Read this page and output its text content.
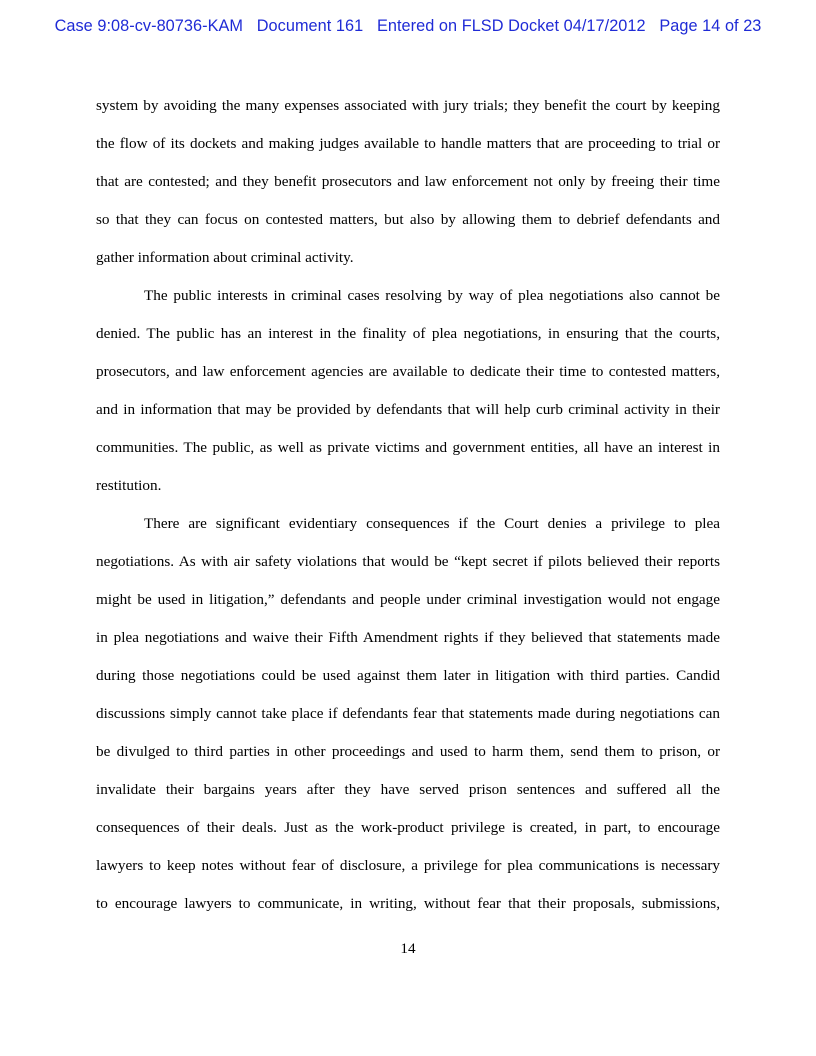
Case 9:08-cv-80736-KAM Document 161 Entered on FLSD Docket 04/17/2012 Page 14 of 23
system by avoiding the many expenses associated with jury trials; they benefit the court by keeping
the flow of its dockets and making judges available to handle matters that are proceeding to trial or
that are contested; and they benefit prosecutors and law enforcement not only by freeing their time
so that they can focus on contested matters, but also by allowing them to debrief defendants and
gather information about criminal activity.
The public interests in criminal cases resolving by way of plea negotiations also cannot be
denied. The public has an interest in the finality of plea negotiations, in ensuring that the courts,
prosecutors, and law enforcement agencies are available to dedicate their time to contested matters,
and in information that may be provided by defendants that will help curb criminal activity in their
communities. The public, as well as private victims and government entities, all have an interest in
restitution.
There are significant evidentiary consequences if the Court denies a privilege to plea
negotiations. As with air safety violations that would be “kept secret if pilots believed their reports
might be used in litigation,” defendants and people under criminal investigation would not engage
in plea negotiations and waive their Fifth Amendment rights if they believed that statements made
during those negotiations could be used against them later in litigation with third parties. Candid
discussions simply cannot take place if defendants fear that statements made during negotiations can
be divulged to third parties in other proceedings and used to harm them, send them to prison, or
invalidate their bargains years after they have served prison sentences and suffered all the
consequences of their deals. Just as the work-product privilege is created, in part, to encourage
lawyers to keep notes without fear of disclosure, a privilege for plea communications is necessary
to encourage lawyers to communicate, in writing, without fear that their proposals, submissions,
14
